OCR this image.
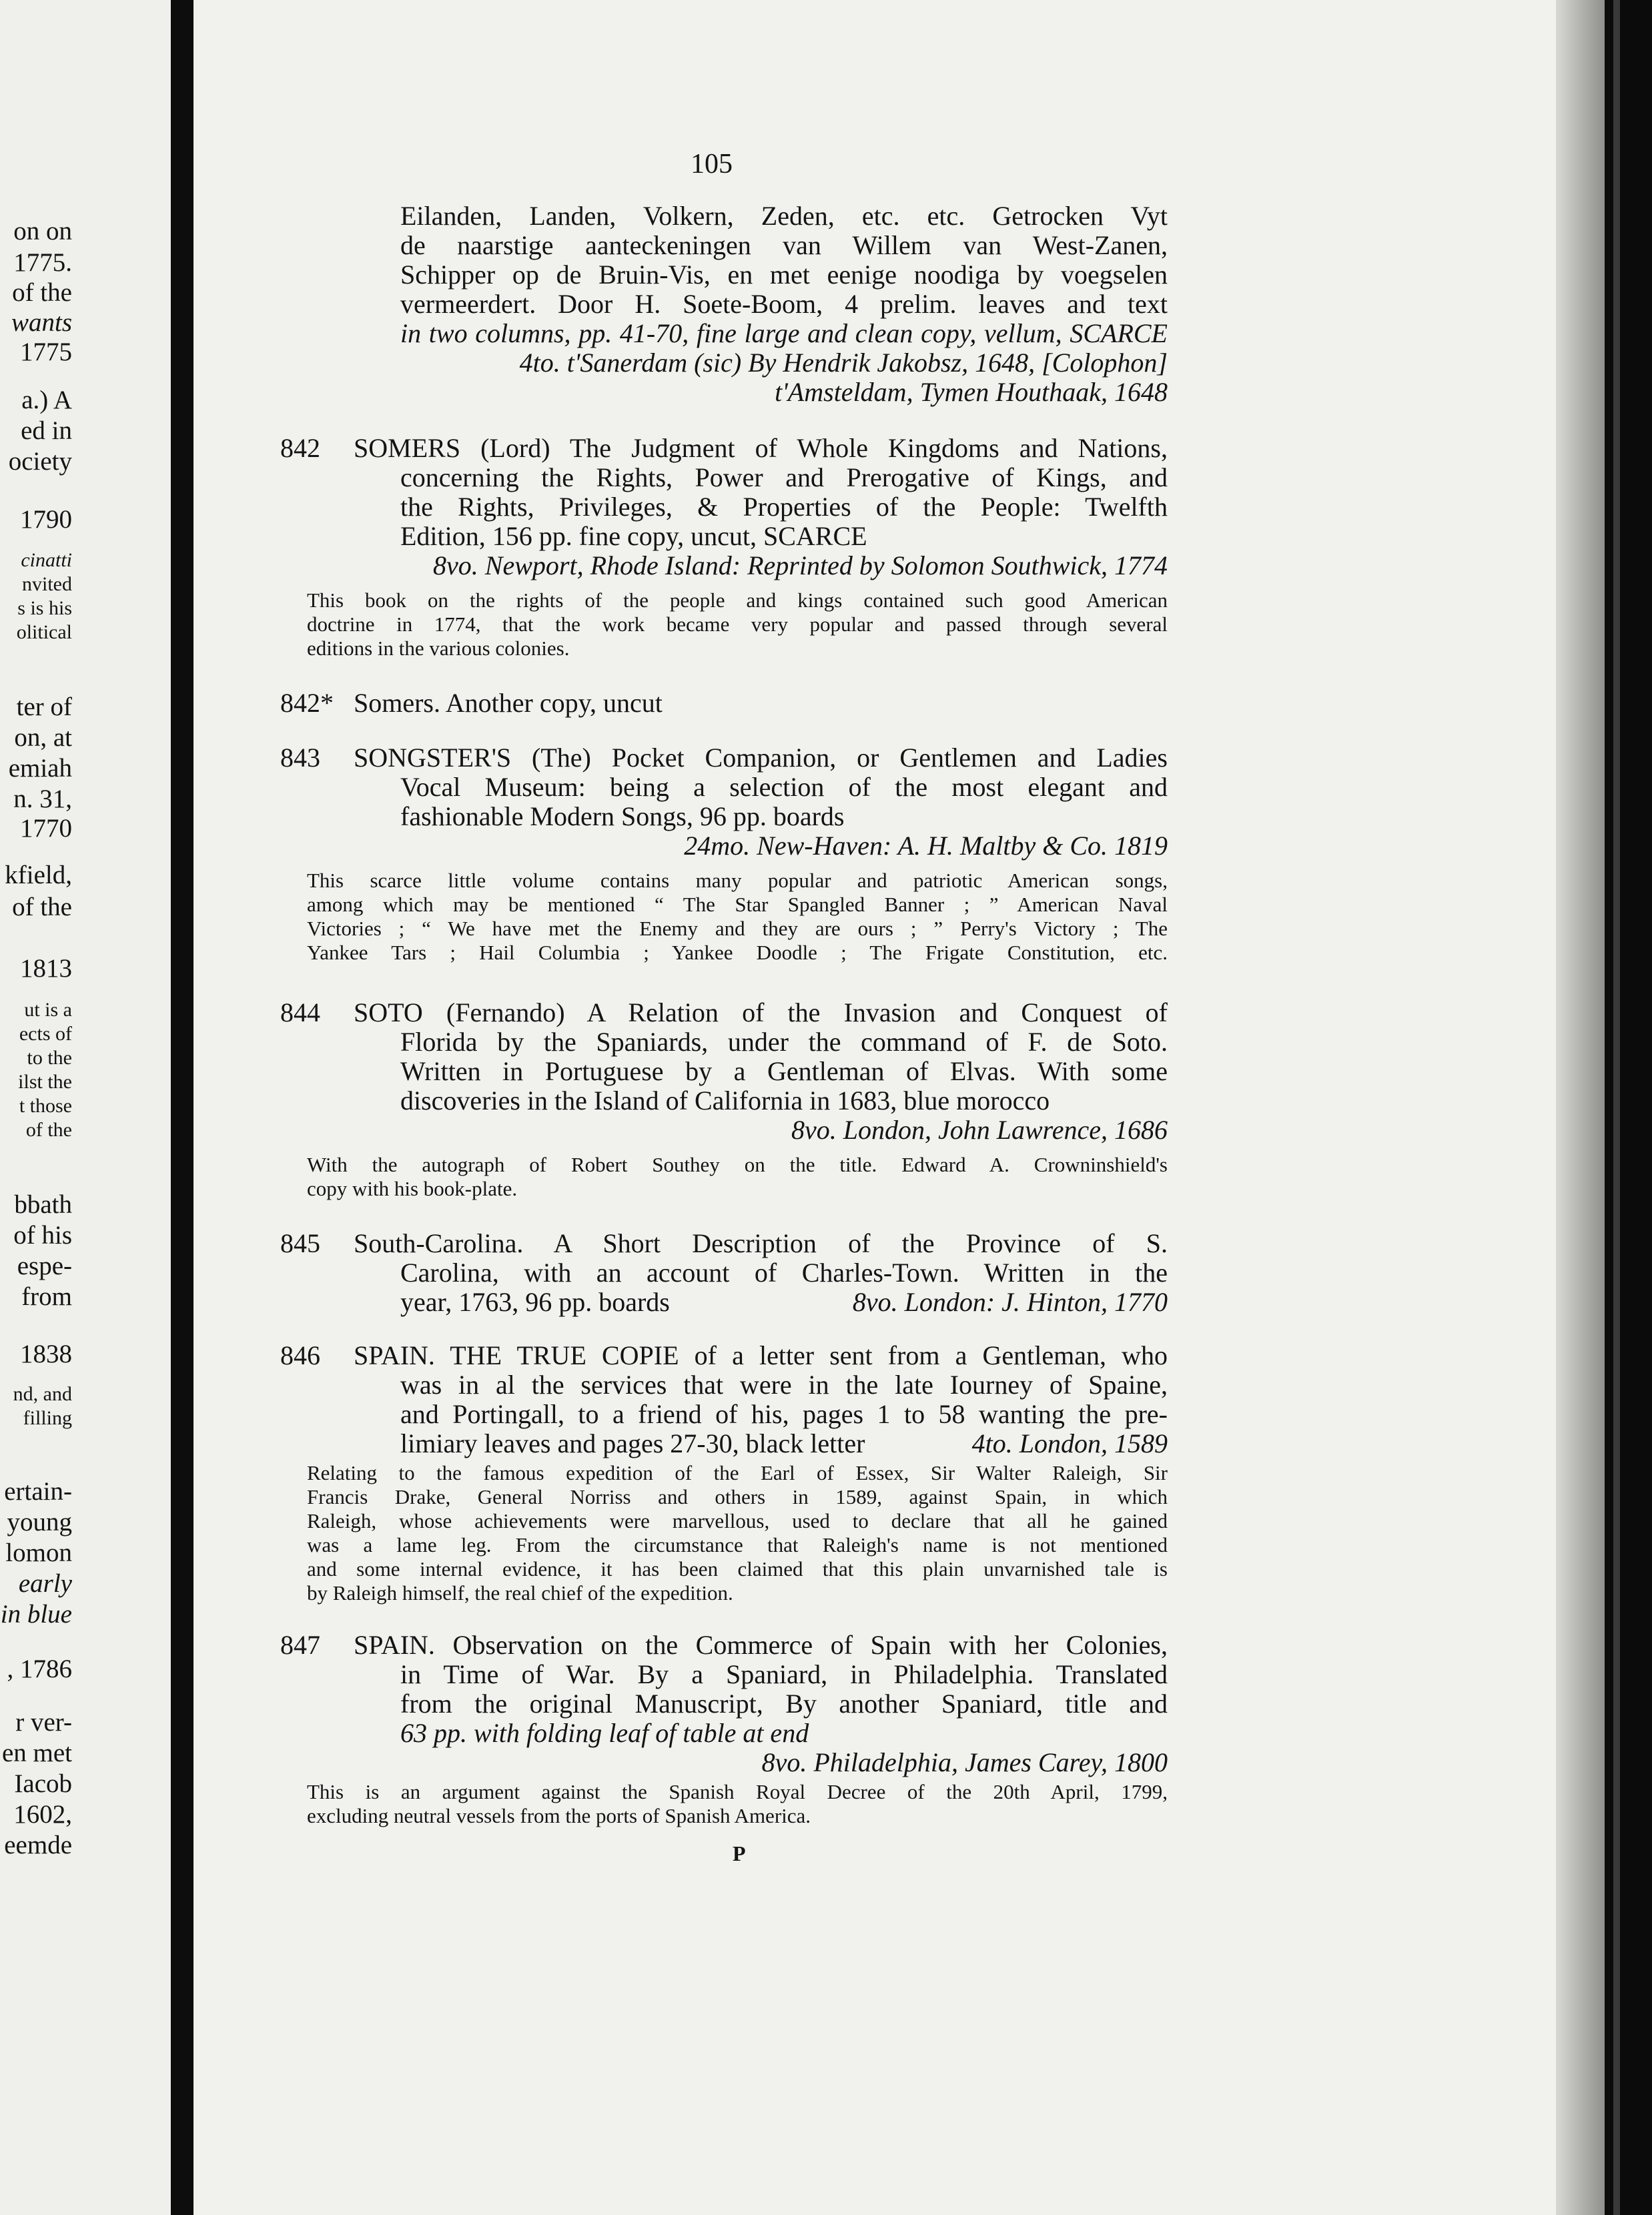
on on
1775.
of the
wants
1775
a.) A
ed in
ociety
1790
cinatti
nvited
s is his
olitical
ter of
on, at
emiah
n. 31,
1770
kfield,
of the
1813
ut is a
ects of
to the
ilst the
t those
of the
bbath
of his
espe-
from
1838
nd, and
filling
ertain-
young
lomon
early
in blue
, 1786
r ver-
en met
Iacob
1602,
eemde
105
Eilanden, Landen, Volkern, Zeden, etc. etc. Getrocken Vyt
de naarstige aanteckeningen van Willem van West-Zanen,
Schipper op de Bruin-Vis, en met eenige noodiga by voegselen
vermeerdert. Door H. Soete-Boom, 4 prelim. leaves and text
in two columns, pp. 41-70, fine large and clean copy, vellum, SCARCE
4to. t'Sanerdam (sic) By Hendrik Jakobsz, 1648, [Colophon]
t'Amsteldam, Tymen Houthaak, 1648
842 SOMERS (Lord) The Judgment of Whole Kingdoms and Nations,
concerning the Rights, Power and Prerogative of Kings, and
the Rights, Privileges, & Properties of the People: Twelfth
Edition, 156 pp. fine copy, uncut, SCARCE
8vo. Newport, Rhode Island: Reprinted by Solomon Southwick, 1774
This book on the rights of the people and kings contained such good American
doctrine in 1774, that the work became very popular and passed through several
editions in the various colonies.
842* Somers. Another copy, uncut
843 SONGSTER'S (The) Pocket Companion, or Gentlemen and Ladies
Vocal Museum: being a selection of the most elegant and
fashionable Modern Songs, 96 pp. boards
24mo. New-Haven: A. H. Maltby & Co. 1819
This scarce little volume contains many popular and patriotic American songs,
among which may be mentioned “ The Star Spangled Banner ; ” American Naval
Victories ; “ We have met the Enemy and they are ours ; ” Perry's Victory ; The
Yankee Tars ; Hail Columbia ; Yankee Doodle ; The Frigate Constitution, etc.
844 SOTO (Fernando) A Relation of the Invasion and Conquest of
Florida by the Spaniards, under the command of F. de Soto.
Written in Portuguese by a Gentleman of Elvas. With some
discoveries in the Island of California in 1683, blue morocco
8vo. London, John Lawrence, 1686
With the autograph of Robert Southey on the title. Edward A. Crowninshield's
copy with his book-plate.
845 South-Carolina. A Short Description of the Province of S.
Carolina, with an account of Charles-Town. Written in the
year, 1763, 96 pp. boards	8vo. London: J. Hinton, 1770
846 SPAIN. THE TRUE COPIE of a letter sent from a Gentleman, who
was in al the services that were in the late Iourney of Spaine,
and Portingall, to a friend of his, pages 1 to 58 wanting the pre-
limiary leaves and pages 27-30, black letter	4to. London, 1589
Relating to the famous expedition of the Earl of Essex, Sir Walter Raleigh, Sir
Francis Drake, General Norriss and others in 1589, against Spain, in which
Raleigh, whose achievements were marvellous, used to declare that all he gained
was a lame leg. From the circumstance that Raleigh's name is not mentioned
and some internal evidence, it has been claimed that this plain unvarnished tale is
by Raleigh himself, the real chief of the expedition.
847 SPAIN. Observation on the Commerce of Spain with her Colonies,
in Time of War. By a Spaniard, in Philadelphia. Translated
from the original Manuscript, By another Spaniard, title and
63 pp. with folding leaf of table at end
8vo. Philadelphia, James Carey, 1800
This is an argument against the Spanish Royal Decree of the 20th April, 1799,
excluding neutral vessels from the ports of Spanish America.
P
